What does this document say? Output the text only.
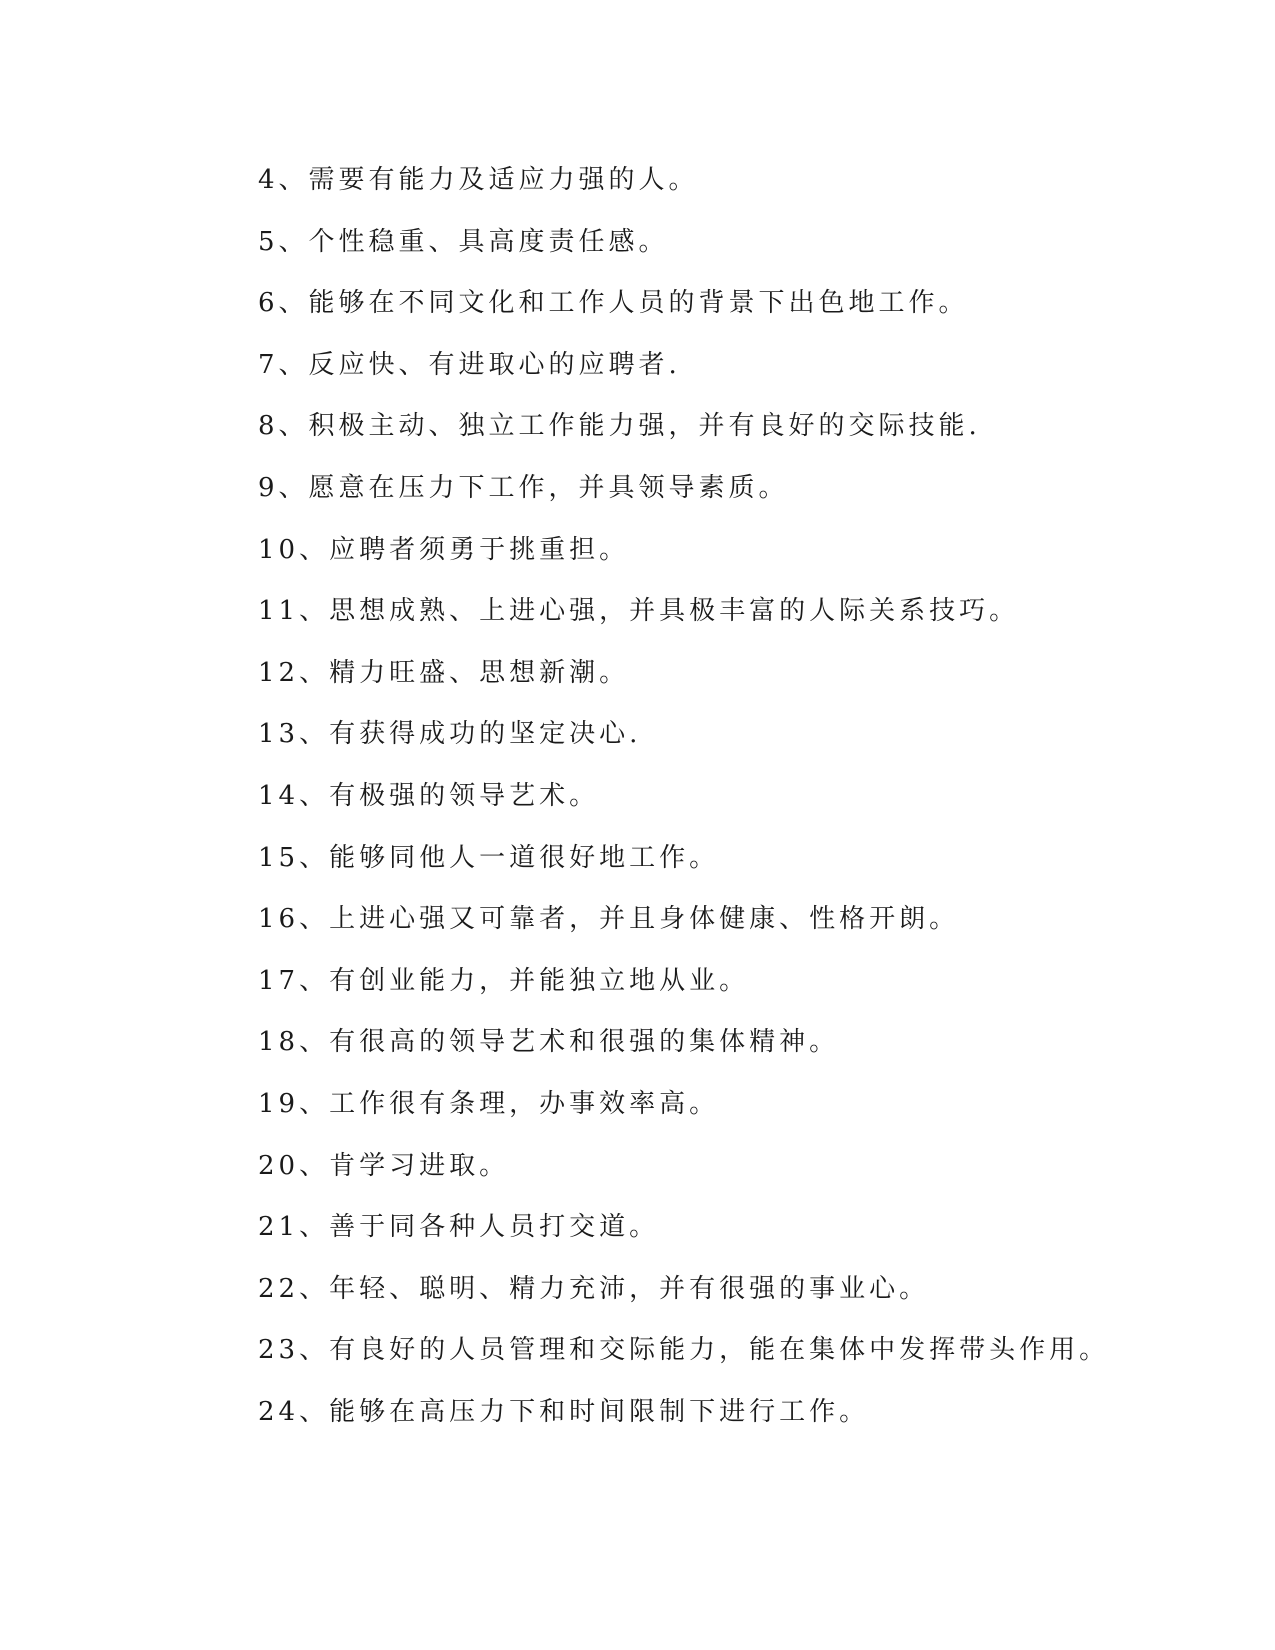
4、需要有能力及适应力强的人。
5、个性稳重、具高度责任感。
6、能够在不同文化和工作人员的背景下出色地工作。
7、反应快、有进取心的应聘者.
8、积极主动、独立工作能力强，并有良好的交际技能.
9、愿意在压力下工作，并具领导素质。
10、应聘者须勇于挑重担。
11、思想成熟、上进心强，并具极丰富的人际关系技巧。
12、精力旺盛、思想新潮。
13、有获得成功的坚定决心.
14、有极强的领导艺术。
15、能够同他人一道很好地工作。
16、上进心强又可靠者，并且身体健康、性格开朗。
17、有创业能力，并能独立地从业。
18、有很高的领导艺术和很强的集体精神。
19、工作很有条理，办事效率高。
20、肯学习进取。
21、善于同各种人员打交道。
22、年轻、聪明、精力充沛，并有很强的事业心。
23、有良好的人员管理和交际能力，能在集体中发挥带头作用。
24、能够在高压力下和时间限制下进行工作。
